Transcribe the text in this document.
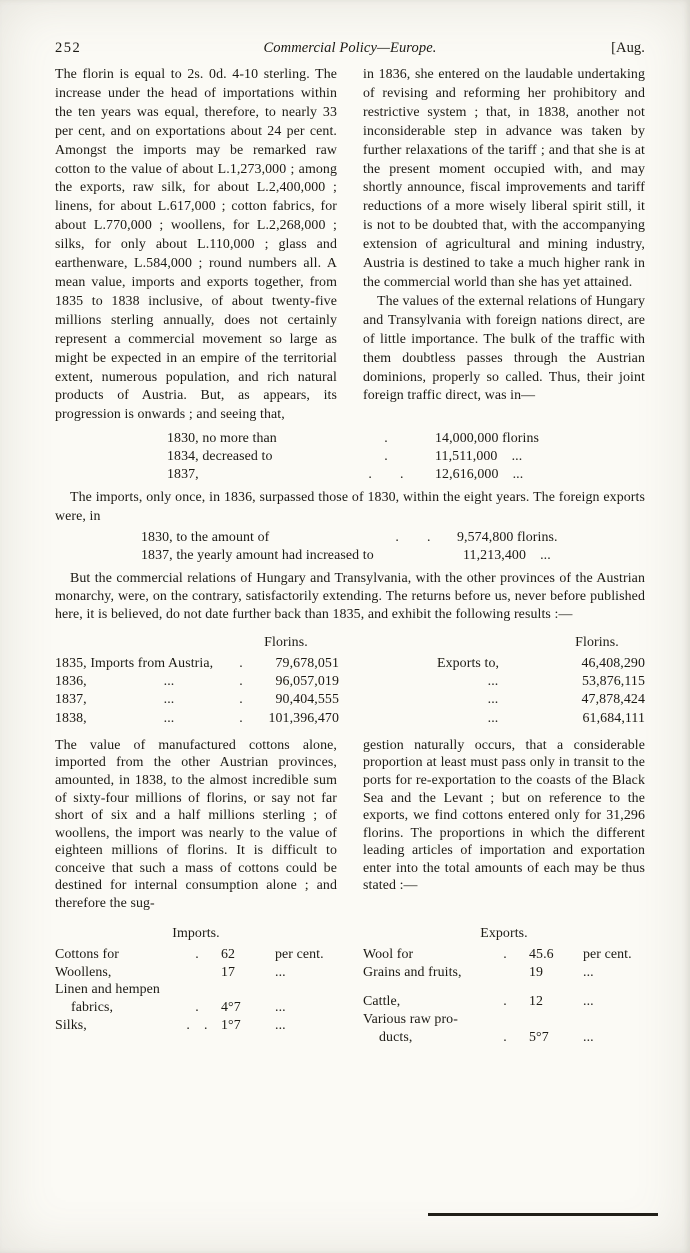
252	Commercial Policy—Europe.	[Aug.

The florin is equal to 2s. 0d. 4-10 sterling. The increase under the head of importations within the ten years was equal, therefore, to nearly 33 per cent, and on exportations about 24 per cent. Amongst the imports may be remarked raw cotton to the value of about L.1,273,000 ; among the exports, raw silk, for about L.2,400,000 ; linens, for about L.617,000 ; cotton fabrics, for about L.770,000 ; woollens, for L.2,268,000 ; silks, for only about L.110,000 ; glass and earthenware, L.584,000 ; round numbers all. A mean value, imports and exports together, from 1835 to 1838 inclusive, of about twenty-five millions sterling annually, does not certainly represent a commercial movement so large as might be expected in an empire of the territorial extent, numerous population, and rich natural products of Austria. But, as appears, its progression is onwards ; and seeing that,

in 1836, she entered on the laudable undertaking of revising and reforming her prohibitory and restrictive system ; that, in 1838, another not inconsiderable step in advance was taken by further relaxations of the tariff ; and that she is at the present moment occupied with, and may shortly announce, fiscal improvements and tariff reductions of a more wisely liberal spirit still, it is not to be doubted that, with the accompanying extension of agricultural and mining industry, Austria is destined to take a much higher rank in the commercial world than she has yet attained.

The values of the external relations of Hungary and Transylvania with foreign nations direct, are of little importance. The bulk of the traffic with them doubtless passes through the Austrian dominions, properly so called. Thus, their joint foreign traffic direct, was in—

1830, no more than	.	14,000,000 florins
1834, decreased to	.	11,511,000  ...
1837,	.  .	12,616,000  ...

The imports, only once, in 1836, surpassed those of 1830, within the eight years. The foreign exports were, in

1830, to the amount of	.  .	9,574,800 florins.
1837, the yearly amount had increased to	11,213,400  ...

But the commercial relations of Hungary and Transylvania, with the other provinces of the Austrian monarchy, were, on the contrary, satisfactorily extending. The returns before us, never before published here, it is believed, do not date further back than 1835, and exhibit the following results :—

Florins.	Florins.
1835, Imports from Austria,	.	79,678,051	Exports to,	46,408,290
1836,	...	.	96,057,019	...	53,876,115
1837,	...	.	90,404,555	...	47,878,424
1838,	...	.	101,396,470	...	61,684,111

The value of manufactured cottons alone, imported from the other Austrian provinces, amounted, in 1838, to the almost incredible sum of sixty-four millions of florins, or say not far short of six and a half millions sterling ; of woollens, the import was nearly to the value of eighteen millions of florins. It is difficult to conceive that such a mass of cottons could be destined for internal consumption alone ; and therefore the sug-

gestion naturally occurs, that a considerable proportion at least must pass only in transit to the ports for re-exportation to the coasts of the Black Sea and the Levant ; but on reference to the exports, we find cottons entered only for 31,296 florins. The proportions in which the different leading articles of importation and exportation enter into the total amounts of each may be thus stated :—

Imports.
Cottons for	.	62	per cent.
Woollens,	17	...
Linen and hempen
fabrics,	.	4°7	...
Silks,	. . 1°7	...
Exports.
Wool for	.	45.6	per cent.
Grains and fruits,	19	...
Cattle,	.	12	...
Various raw pro-
ducts,	.	5°7	...
